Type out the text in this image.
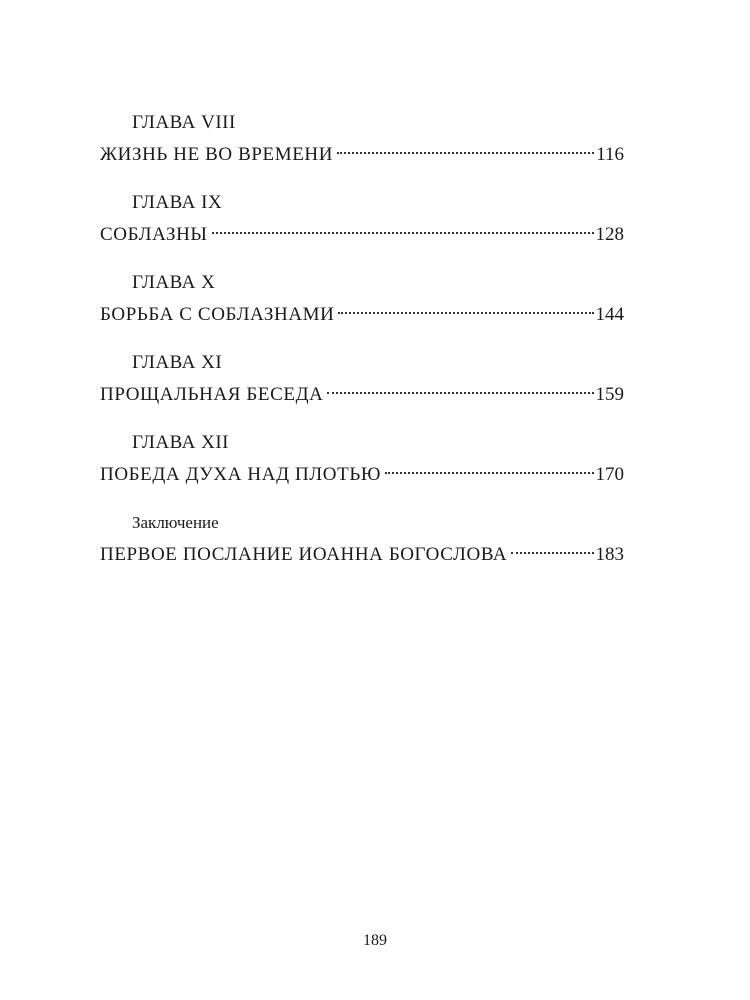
ГЛАВА VIII
ЖИЗНЬ НЕ ВО ВРЕМЕНИ	116
ГЛАВА IX
СОБЛАЗНЫ	128
ГЛАВА X
БОРЬБА С СОБЛАЗНАМИ	144
ГЛАВА XI
ПРОЩАЛЬНАЯ БЕСЕДА	159
ГЛАВА XII
ПОБЕДА ДУХА НАД ПЛОТЬЮ	170
Заключение
ПЕРВОЕ ПОСЛАНИЕ ИОАННА БОГОСЛОВА	183
189
